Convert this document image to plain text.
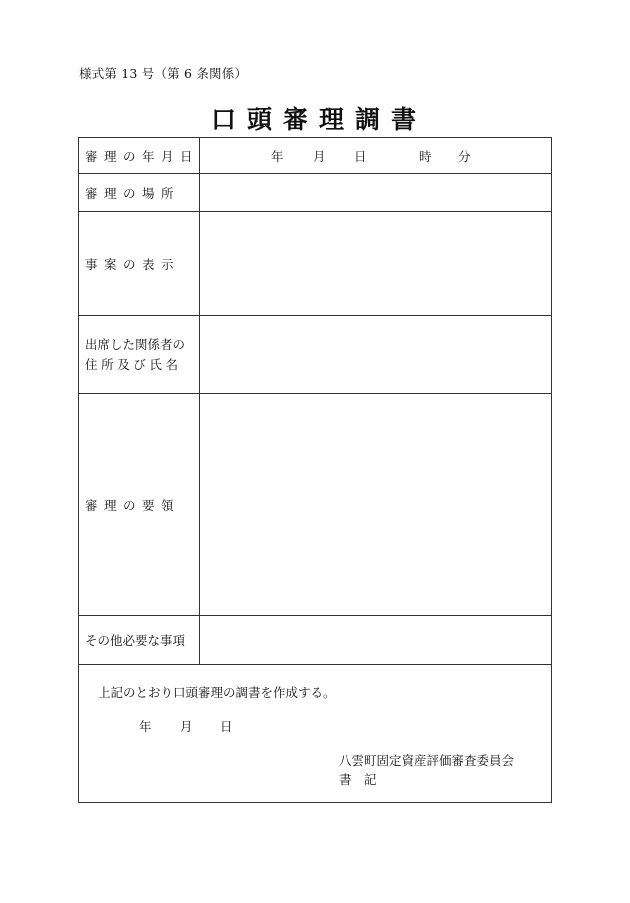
様式第 13 号（第 6 条関係）
口頭審理調書
審理の年月日	年 月 日	時 分
審理の場所
事案の表示
出席した関係者の
住所及び氏名
審理の要領
その他必要な事項
上記のとおり口頭審理の調書を作成する。
年 月 日
八雲町固定資産評価審査委員会
書　記
